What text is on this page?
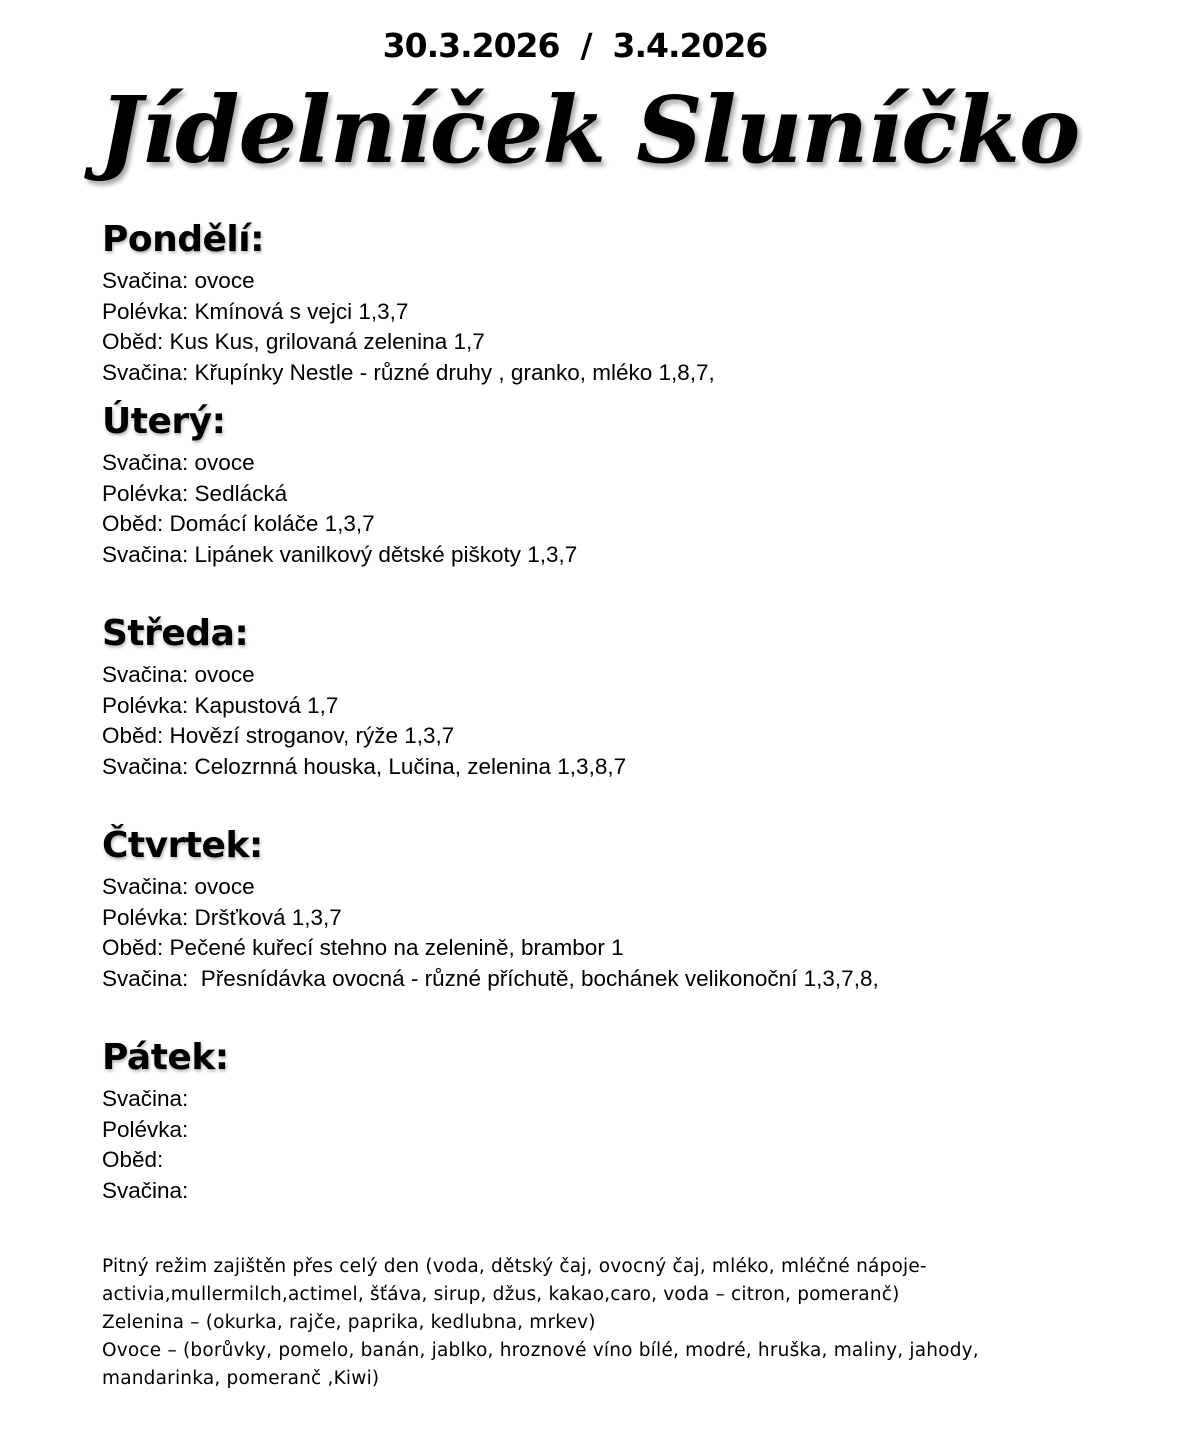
30.3.2026  /  3.4.2026
Jídelníček Sluníčko
Pondělí:

Svačina: ovoce

Polévka: Kmínová s vejci 1,3,7

Oběd: Kus Kus, grilovaná zelenina 1,7

Svačina: Křupínky Nestle - různé druhy , granko, mléko 1,8,7,

Úterý:

Svačina: ovoce

Polévka: Sedlácká

Oběd: Domácí koláče 1,3,7

Svačina: Lipánek vanilkový dětské piškoty 1,3,7

Středa:

Svačina: ovoce

Polévka: Kapustová 1,7

Oběd: Hovězí stroganov, rýže 1,3,7

Svačina: Celozrnná houska, Lučina, zelenina 1,3,8,7

Čtvrtek:

Svačina: ovoce

Polévka: Dršťková 1,3,7

Oběd: Pečené kuřecí stehno na zelenině, brambor 1

Svačina:  Přesnídávka ovocná - různé příchutě, bochánek velikonoční 1,3,7,8,

Pátek:

Svačina:

Polévka:

Oběd:

Svačina:

Pitný režim zajištěn přes celý den (voda, dětský čaj, ovocný čaj, mléko, mléčné nápoje-

activia,mullermilch,actimel, šťáva, sirup, džus, kakao,caro, voda – citron, pomeranč)

Zelenina – (okurka, rajče, paprika, kedlubna, mrkev)

Ovoce – (borůvky, pomelo, banán, jablko, hroznové víno bílé, modré, hruška, maliny, jahody,

mandarinka, pomeranč ,Kiwi)
